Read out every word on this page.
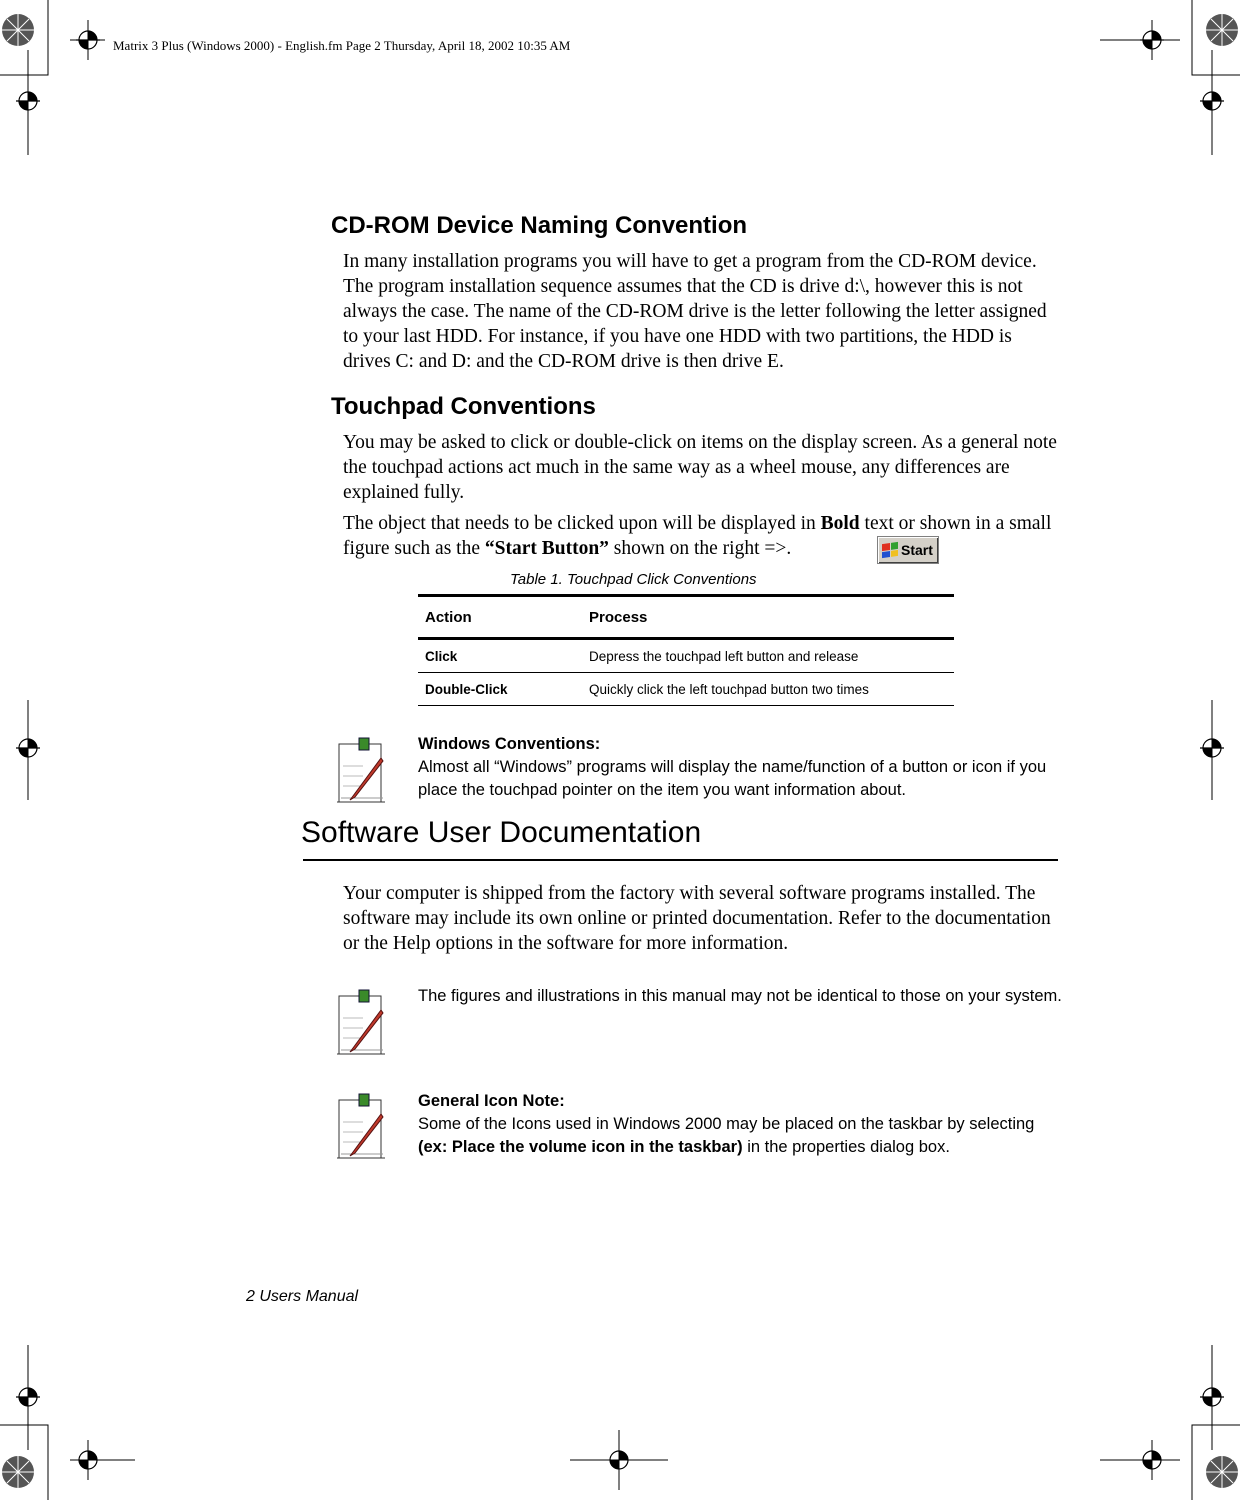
Matrix 3 Plus (Windows 2000) - English.fm Page 2 Thursday, April 18, 2002 10:35 AM
CD-ROM Device Naming Convention

In many installation programs you will have to get a program from the CD-ROM device. The program installation sequence assumes that the CD is drive d:\, however this is not always the case. The name of the CD-ROM drive is the letter following the letter assigned to your last HDD. For instance, if you have one HDD with two partitions, the HDD is drives C: and D: and the CD-ROM drive is then drive E.

Touchpad Conventions

You may be asked to click or double-click on items on the display screen. As a general note the touchpad actions act much in the same way as a wheel mouse, any differences are explained fully.

The object that needs to be clicked upon will be displayed in Bold text or shown in a small figure such as the “Start Button” shown on the right =>.	Start
Table 1. Touchpad Click Conventions
Action	Process
Click	Depress the touchpad left button and release
Double-Click	Quickly click the left touchpad button two times
Windows Conventions:
Almost all “Windows” programs will display the name/function of a button or icon if you place the touchpad pointer on the item you want information about.
Software User Documentation

Your computer is shipped from the factory with several software programs installed. The software may include its own online or printed documentation. Refer to the documentation or the Help options in the software for more information.

The figures and illustrations in this manual may not be identical to those on your system.
General Icon Note:
Some of the Icons used in Windows 2000 may be placed on the taskbar by selecting (ex: Place the volume icon in the taskbar) in the properties dialog box.
2 Users Manual
